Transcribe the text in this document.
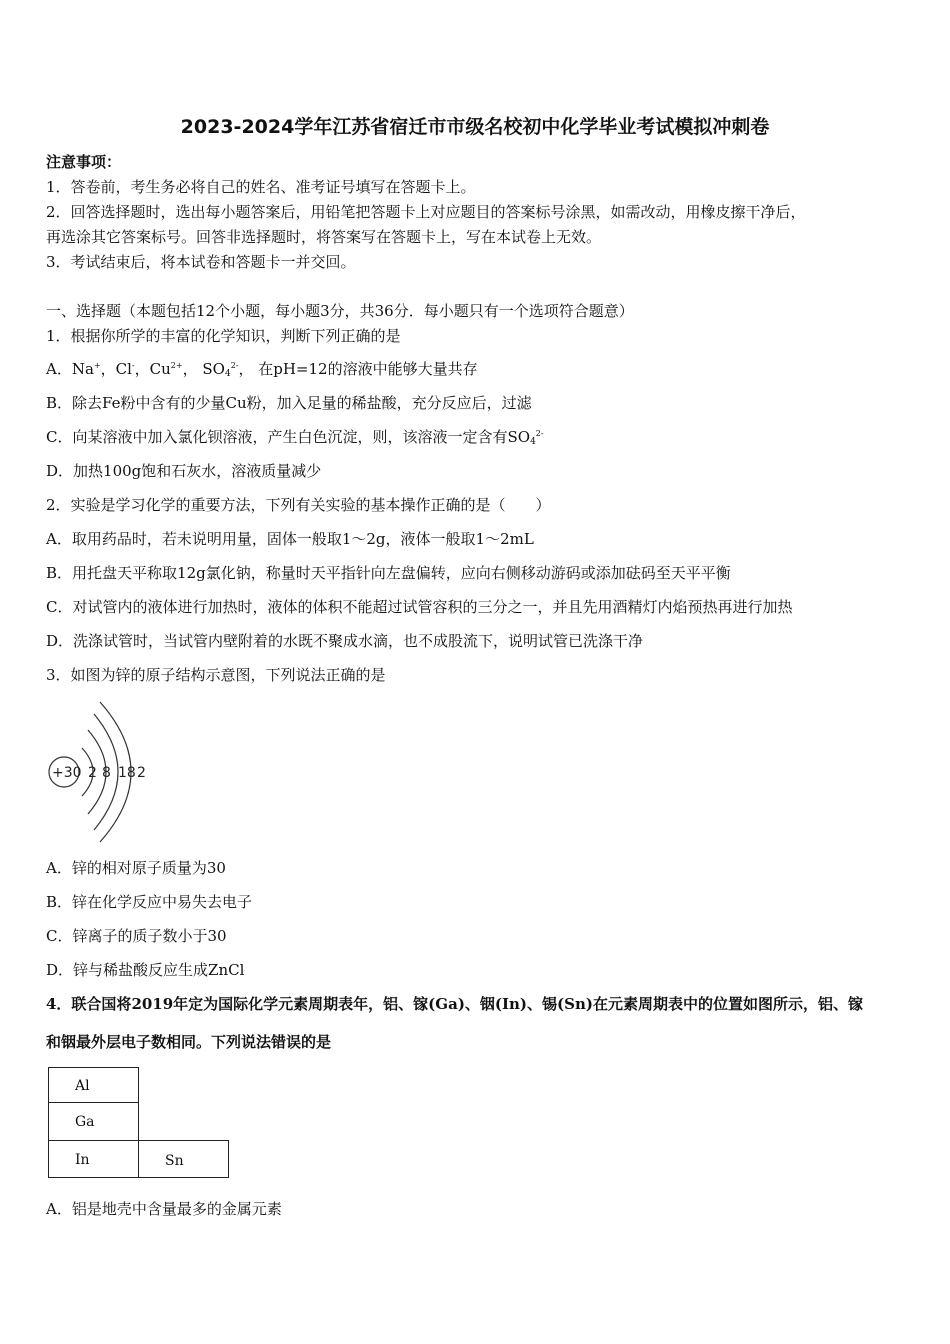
2023-2024学年江苏省宿迁市市级名校初中化学毕业考试模拟冲刺卷
注意事项：
1．答卷前，考生务必将自己的姓名、准考证号填写在答题卡上。
2．回答选择题时，选出每小题答案后，用铅笔把答题卡上对应题目的答案标号涂黑，如需改动，用橡皮擦干净后，
再选涂其它答案标号。回答非选择题时，将答案写在答题卡上，写在本试卷上无效。
3．考试结束后，将本试卷和答题卡一并交回。
一、选择题（本题包括12个小题，每小题3分，共36分．每小题只有一个选项符合题意）
1．根据你所学的丰富的化学知识，判断下列正确的是
A．Na+，Cl-，$Cu^{2+}$， $SO_4^{2-}$， 在pH=12的溶液中能够大量共存
B．除去Fe粉中含有的少量Cu粉，加入足量的稀盐酸，充分反应后，过滤
C．向某溶液中加入氯化钡溶液，产生白色沉淀，则，该溶液一定含有$SO_4^{2-}$
D．加热100g饱和石灰水，溶液质量减少
2．实验是学习化学的重要方法，下列有关实验的基本操作正确的是（　　）
A．取用药品时，若未说明用量，固体一般取1～2g，液体一般取1～2mL
B．用托盘天平称取12g氯化钠，称量时天平指针向左盘偏转，应向右侧移动游码或添加砝码至天平平衡
C．对试管内的液体进行加热时，液体的体积不能超过试管容积的三分之一，并且先用酒精灯内焰预热再进行加热
D．洗涤试管时，当试管内壁附着的水既不聚成水滴，也不成股流下，说明试管已洗涤干净
3．如图为锌的原子结构示意图，下列说法正确的是
+30 2 8 18 2
A．锌的相对原子质量为30
B．锌在化学反应中易失去电子
C．锌离子的质子数小于30
D．锌与稀盐酸反应生成ZnCl
4．联合国将2019年定为国际化学元素周期表年，铝、镓(Ga)、铟(In)、锡(Sn)在元素周期表中的位置如图所示，铝、镓
和铟最外层电子数相同。下列说法错误的是
Al
Ga
In	Sn
A．铝是地壳中含量最多的金属元素
